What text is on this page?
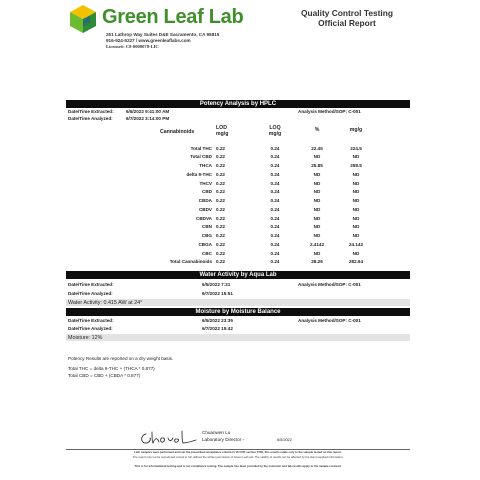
Green Leaf Lab
251 Lathrop Way Suites D&E Sacramento, CA 95815
916-924-5227 / www.greenleaflabs.com
License#: C8-0000078-LIC
Quality Control Testing
Official Report
Potency Analysis by HPLC
Date/Time Extracted:	6/5/2022 9:41:00 AM
Date/Time Analyzed:	6/7/2022 3:14:00 PM
Analysis Method/SOP: C-001
Cannabinoids
LOD
mg/g
LOQ
mg/g
%	mg/g
Total THC 0.22	0.24	22.45	224.5
Total CBD 0.22	0.24	ND	ND
THCA 0.22	0.24	25.85	258.5
delta 9-THC 0.22	0.24	ND	ND
THCV 0.22	0.24	ND	ND
CBD 0.22	0.24	ND	ND
CBDA 0.22	0.24	ND	ND
CBDV 0.22	0.24	ND	ND
CBDVA 0.22	0.24	ND	ND
CBN 0.22	0.24	ND	ND
CBG 0.22	0.24	ND	ND
CBGA 0.22	0.24	2.4142	24.142
CBC 0.22	0.24	ND	ND
Total Cannabinoids 0.22	0.24	28.26	282.64
Water Activity by Aqua Lab
Date/Time Extracted:	6/5/2022 7:21	Analysis Method/SOP: C-001
Date/Time Analyzed:	6/7/2022 15:51
Water Activity: 0.415 AW at 24°
Moisture by Moisture Balance
Date/Time Extracted:	6/5/2022 23:35	Analysis Method/SOP: C-001
Date/Time Analyzed:	6/7/2022 15:42
Moisture: 12%
Potency Results are reported on a dry weight basis.
Total THC = delta 9-THC + (THCA * 0.877)
Total CBD = CBD + (CBDA * 0.877)
Chuanwen Lu
Laboratory Director -	6/5/2022
L&C samples were performed and met the prescribed acceptance criteria in 16 CCR section 5730, this results relate only to the sample tested on this report.
The report may not be reproduced except in full, without the written permission of Green Leaf Lab. The validity of results can be affected by the client supplied information.
This is for informational testing and is not compliance testing. The sample has been provided by the customer and lab results apply to the sample received.
